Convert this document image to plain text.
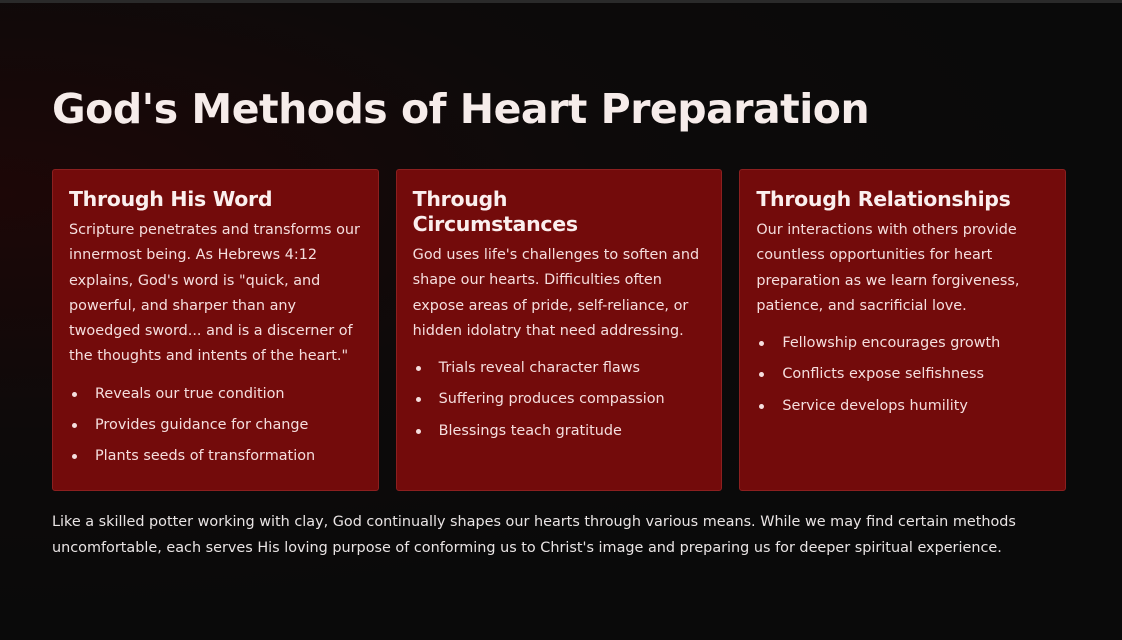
God's Methods of Heart Preparation
Through His Word

Scripture penetrates and transforms our innermost being. As Hebrews 4:12 explains, God's word is "quick, and powerful, and sharper than any twoedged sword... and is a discerner of the thoughts and intents of the heart."

Reveals our true condition
Provides guidance for change
Plants seeds of transformation
Through Circumstances

God uses life's challenges to soften and shape our hearts. Difficulties often expose areas of pride, self-reliance, or hidden idolatry that need addressing.

Trials reveal character flaws
Suffering produces compassion
Blessings teach gratitude
Through Relationships

Our interactions with others provide countless opportunities for heart preparation as we learn forgiveness, patience, and sacrificial love.

Fellowship encourages growth
Conflicts expose selfishness
Service develops humility

Like a skilled potter working with clay, God continually shapes our hearts through various means. While we may find certain methods uncomfortable, each serves His loving purpose of conforming us to Christ's image and preparing us for deeper spiritual experience.
